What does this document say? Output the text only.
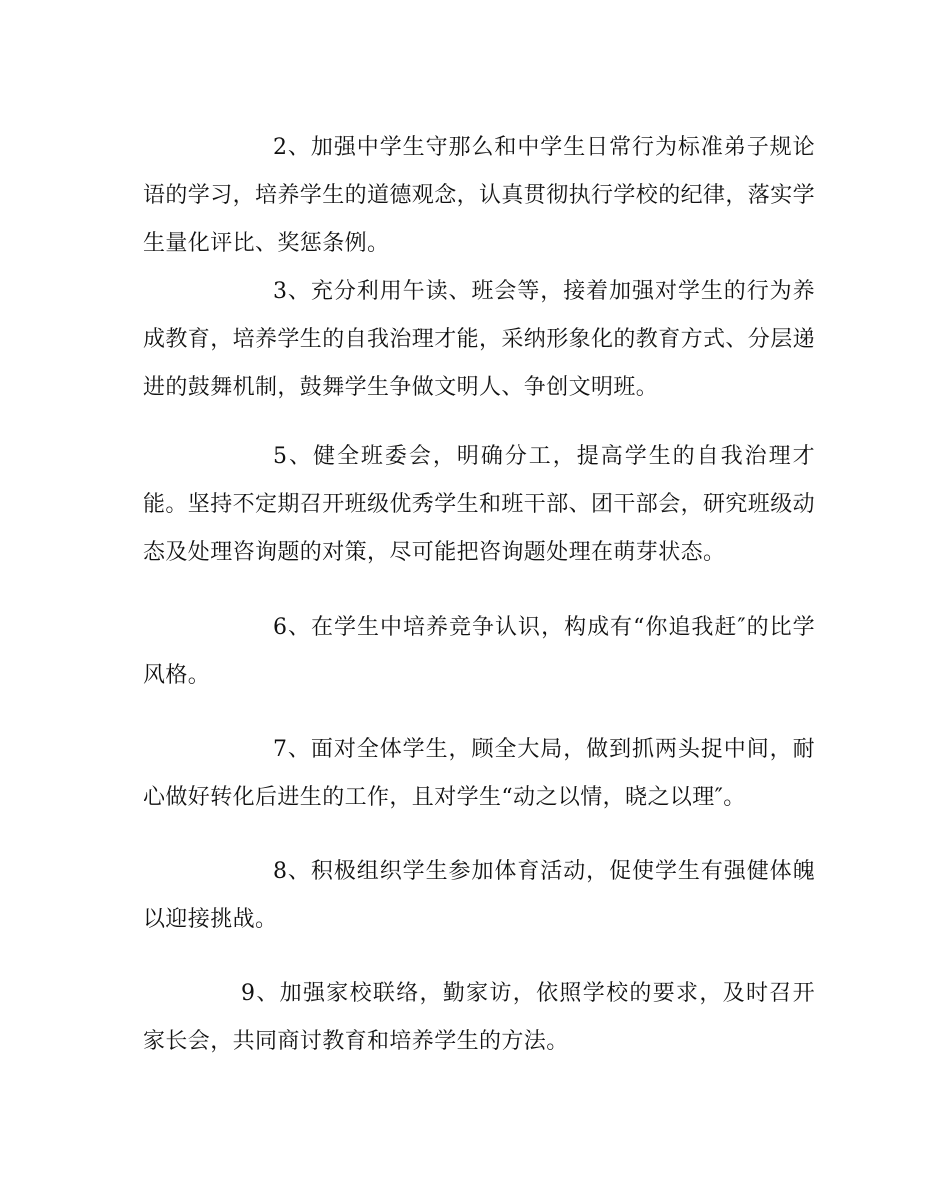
2、加强中学生守那么和中学生日常行为标准弟子规论语的学习，培养学生的道德观念，认真贯彻执行学校的纪律，落实学生量化评比、奖惩条例。

3、充分利用午读、班会等，接着加强对学生的行为养成教育，培养学生的自我治理才能，采纳形象化的教育方式、分层递进的鼓舞机制，鼓舞学生争做文明人、争创文明班。

5、健全班委会，明确分工，提高学生的自我治理才能。坚持不定期召开班级优秀学生和班干部、团干部会，研究班级动态及处理咨询题的对策，尽可能把咨询题处理在萌芽状态。

6、在学生中培养竞争认识，构成有“你追我赶″的比学风格。

7、面对全体学生，顾全大局，做到抓两头捉中间，耐心做好转化后进生的工作，且对学生“动之以情，晓之以理″。

8、积极组织学生参加体育活动，促使学生有强健体魄以迎接挑战。

9、加强家校联络，勤家访，依照学校的要求，及时召开家长会，共同商讨教育和培养学生的方法。
